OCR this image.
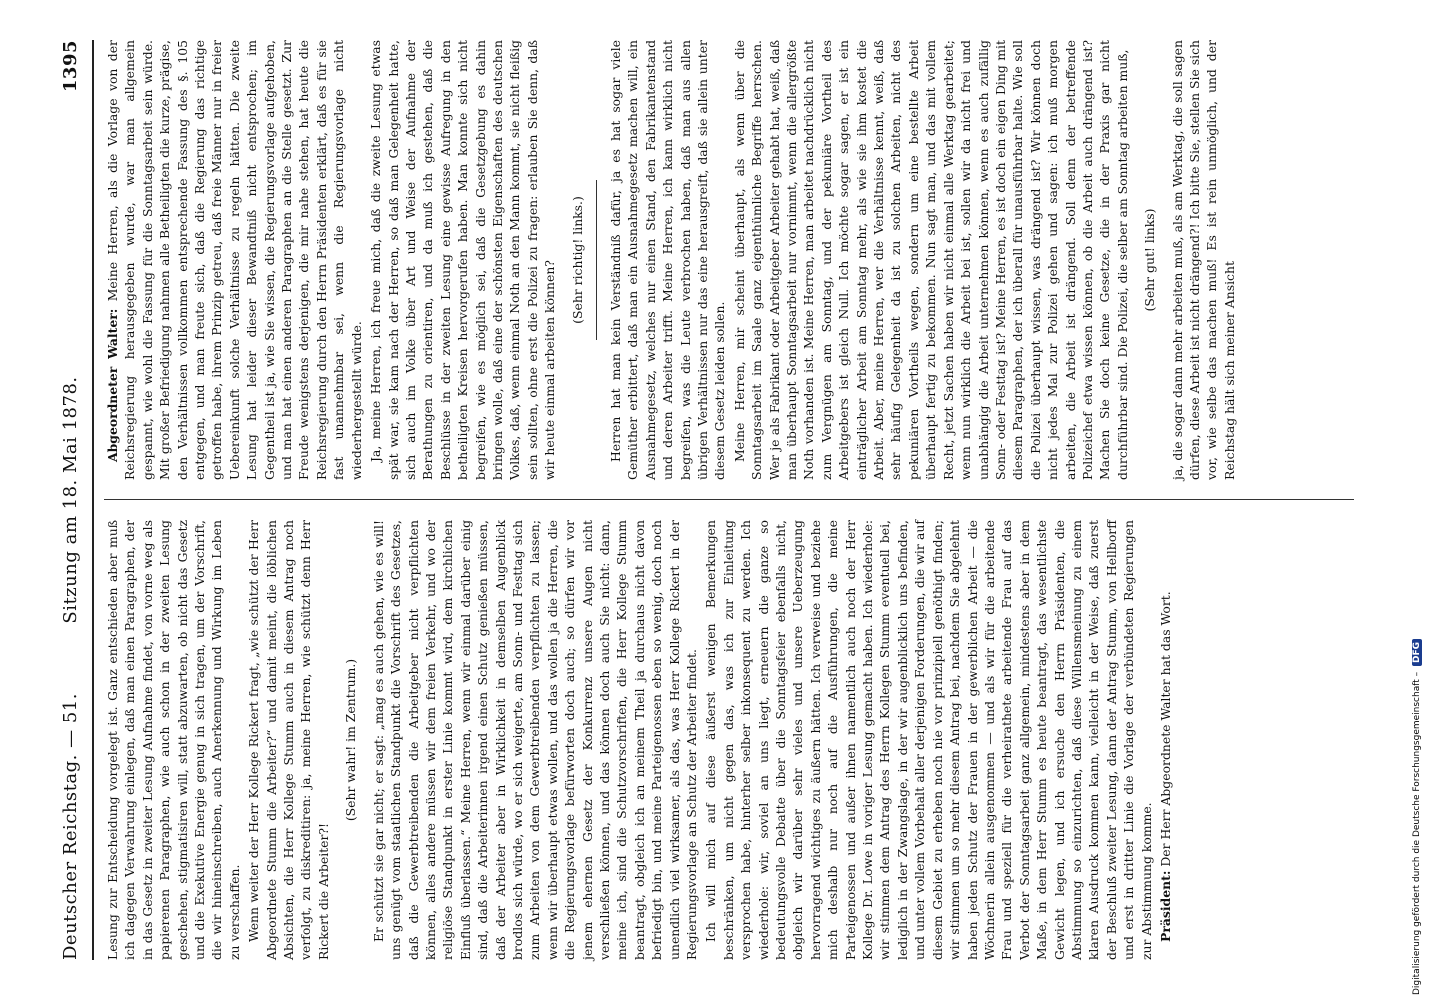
Deutscher Reichstag. — 51.
Sitzung am 18. Mai 1878.
1395

Lesung zur Entscheidung vorgelegt ist. Ganz entschieden aber muß ich dagegen Verwahrung einlegen, daß man einen Paragraphen, der in das Gesetz in zweiter Lesung Aufnahme findet, von vorne weg als papierenen Paragraphen, wie auch schon in der zweiten Lesung geschehen, stigmatisiren will, statt abzuwarten, ob nicht das Gesetz und die Exekutive Energie genug in sich tragen, um der Vorschrift, die wir hineinschreiben, auch Anerkennung und Wirkung im Leben zu verschaffen. Wenn weiter der Herr Kollege Rickert fragt, „wie schützt der Herr Abgeordnete Stumm die Arbeiter?“ und damit meint, die löblichen Absichten, die Herr Kollege Stumm auch in diesem Antrag noch verfolgt, zu diskreditiren: ja, meine Herren, wie schützt denn Herr Rickert die Arbeiter?!

(Sehr wahr! im Zentrum.) Er schützt sie gar nicht; er sagt: „mag es auch gehen, wie es will! uns genügt vom staatlichen Standpunkt die Vorschrift des Gesetzes, daß die Gewerbtreibenden die Arbeitgeber nicht verpflichten können, alles andere müssen wir dem freien Verkehr, und wo der religiöse Standpunkt in erster Linie kommt wird, dem kirchlichen Einfluß überlassen.“ Meine Herren, wenn wir einmal darüber einig sind, daß die Arbeiterinnen irgend einen Schutz genießen müssen, daß der Arbeiter aber in Wirklichkeit in demselben Augenblick brodlos sich würde, wo er sich weigerte, am Sonn- und Festtag sich zum Arbeiten von dem Gewerbtreibenden verpflichten zu lassen; wenn wir überhaupt etwas wollen, und das wollen ja die Herren, die die Regierungsvorlage befürworten doch auch; so dürfen wir vor jenem ehernen Gesetz der Konkurrenz unsere Augen nicht verschließen können, und das können doch auch Sie nicht: dann, meine ich, sind die Schutzvorschriften, die Herr Kollege Stumm beantragt, obgleich ich an meinem Theil ja durchaus nicht davon befriedigt bin, und meine Parteigenossen eben so wenig, doch noch unendlich viel wirksamer, als das, was Herr Kollege Rickert in der Regierungsvorlage an Schutz der Arbeiter findet. Ich will mich auf diese äußerst wenigen Bemerkungen beschränken, um nicht gegen das, was ich zur Einleitung versprochen habe, hinterher selber inkonsequent zu werden. Ich wiederhole: wir, soviel an uns liegt, erneuern die ganze so bedeutungsvolle Debatte über die Sonntagsfeier ebenfalls nicht, obgleich wir darüber sehr vieles und unsere Ueberzeugung hervorragend wichtiges zu äußern hätten. Ich verweise und beziehe mich deshalb nur noch auf die Ausführungen, die meine Parteigenossen und außer ihnen namentlich auch noch der Herr Kollege Dr. Lowe in voriger Lesung gemacht haben. Ich wiederhole: wir stimmen dem Antrag des Herrn Kollegen Stumm eventuell bei, lediglich in der Zwangslage, in der wir augenblicklich uns befinden, und unter vollem Vorbehalt aller derjenigen Forderungen, die wir auf diesem Gebiet zu erheben noch nie vor prinzipiell genöthigt finden; wir stimmen um so mehr diesem Antrag bei, nachdem Sie abgelehnt haben jeden Schutz der Frauen in der gewerblichen Arbeit — die Wöchnerin allein ausgenommen — und als wir für die arbeitende Frau und speziell für die verheirathete arbeitende Frau auf das Verbot der Sonntagsarbeit ganz allgemein, mindestens aber in dem Maße, in dem Herr Stumm es heute beantragt, das wesentlichste Gewicht legen, und ich ersuche den Herrn Präsidenten, die Abstimmung so einzurichten, daß diese Willensmeinung zu einem klaren Ausdruck kommen kann, vielleicht in der Weise, daß zuerst der Beschluß zweiter Lesung, dann der Antrag Stumm, von Hellborff und erst in dritter Linie die Vorlage der verbündeten Regierungen zur Abstimmung komme. Präsident: Der Herr Abgeordnete Walter hat das Wort.

Abgeordneter Walter: Meine Herren, als die Vorlage von der Reichsregierung herausgegeben wurde, war man allgemein gespannt, wie wohl die Fassung für die Sonntagsarbeit sein würde. Mit großer Befriedigung nahmen alle Betheiligten die kurze, prägise, den Verhältnissen vollkommen entsprechende Fassung des §. 105 entgegen, und man freute sich, daß die Regierung das richtige getroffen habe, ihrem Prinzip getreu, daß freie Männer nur in freier Uebereinkunft solche Verhältnisse zu regeln hätten. Die zweite Lesung hat leider dieser Bewandtniß nicht entsprochen; im Gegentheil ist ja, wie Sie wissen, die Regierungsvorlage aufgehoben, und man hat einen anderen Paragraphen an die Stelle gesetzt. Zur Freude wenigstens derjenigen, die mir nahe stehen, hat heute die Reichsregierung durch den Herrn Präsidenten erklärt, daß es für sie fast unannehmbar sei, wenn die Regierungsvorlage nicht wiederhergestellt würde. Ja, meine Herren, ich freue mich, daß die zweite Lesung etwas spät war, sie kam nach der Herren, so daß man Gelegenheit hatte, sich auch im Volke über Art und Weise der Aufnahme der Berathungen zu orientiren, und da muß ich gestehen, daß die Beschlüsse in der zweiten Lesung eine gewisse Aufregung in den betheiligten Kreisen hervorgerufen haben. Man konnte sich nicht begreifen, wie es möglich sei, daß die Gesetzgebung es dahin bringen wolle, daß eine der schönsten Eigenschaften des deutschen Volkes, daß, wenn einmal Noth an den Mann kommt, sie nicht fleißig sein sollten, ohne erst die Polizei zu fragen: erlauben Sie denn, daß wir heute einmal arbeiten können?

(Sehr richtig! links.) Herren hat man kein Verständniß dafür, ja es hat sogar viele Gemüther erbittert, daß man ein Ausnahmegesetz machen will, ein Ausnahmegesetz, welches nur einen Stand, den Fabrikantenstand und deren Arbeiter trifft. Meine Herren, ich kann wirklich nicht begreifen, was die Leute verbrochen haben, daß man aus allen übrigen Verhältnissen nur das eine herausgreift, daß sie allein unter diesem Gesetz leiden sollen. Meine Herren, mir scheint überhaupt, als wenn über die Sonntagsarbeit im Saale ganz eigenthümliche Begriffe herrschen. Wer je als Fabrikant oder Arbeitgeber Arbeiter gehabt hat, weiß, daß man überhaupt Sonntagsarbeit nur vornimmt, wenn die allergrößte Noth vorhanden ist. Meine Herren, man arbeitet nachdrücklich nicht zum Vergnügen am Sonntag, und der pekuniäre Vortheil des Arbeitgebers ist gleich Null. Ich möchte sogar sagen, er ist ein einträglicher Arbeit am Sonntag mehr, als wie sie ihm kostet die Arbeit. Aber, meine Herren, wer die Verhältnisse kennt, weiß, daß sehr häufig Gelegenheit da ist zu solchen Arbeiten, nicht des pekuniären Vortheils wegen, sondern um eine bestellte Arbeit überhaupt fertig zu bekommen. Nun sagt man, und das mit vollem Recht, jetzt Sachen haben wir nicht einmal alle Werktag gearbeitet; wenn nun wirklich die Arbeit bei ist, sollen wir da nicht frei und unabhängig die Arbeit unternehmen können, wenn es auch zufällig Sonn- oder Festtag ist? Meine Herren, es ist doch ein eigen Ding mit diesem Paragraphen, der ich überall für unausführbar halte. Wie soll die Polizei überhaupt wissen, was drängend ist? Wir können doch nicht jedes Mal zur Polizei gehen und sagen: ich muß morgen arbeiten, die Arbeit ist drängend. Soll denn der betreffende Polizeichef etwa wissen können, ob die Arbeit auch drängend ist? Machen Sie doch keine Gesetze, die in der Praxis gar nicht durchführbar sind. Die Polizei, die selber am Sonntag arbeiten muß, (Sehr gut! links) ja, die sogar dann mehr arbeiten muß, als am Werktag, die soll sagen dürfen, diese Arbeit ist nicht drängend?! Ich bitte Sie, stellen Sie sich vor, wie selbe das machen muß! Es ist rein unmöglich, und der Reichstag hält sich meiner Ansicht

Digitalisierung gefördert durch die Deutsche Forschungsgemeinschaft – DFG
